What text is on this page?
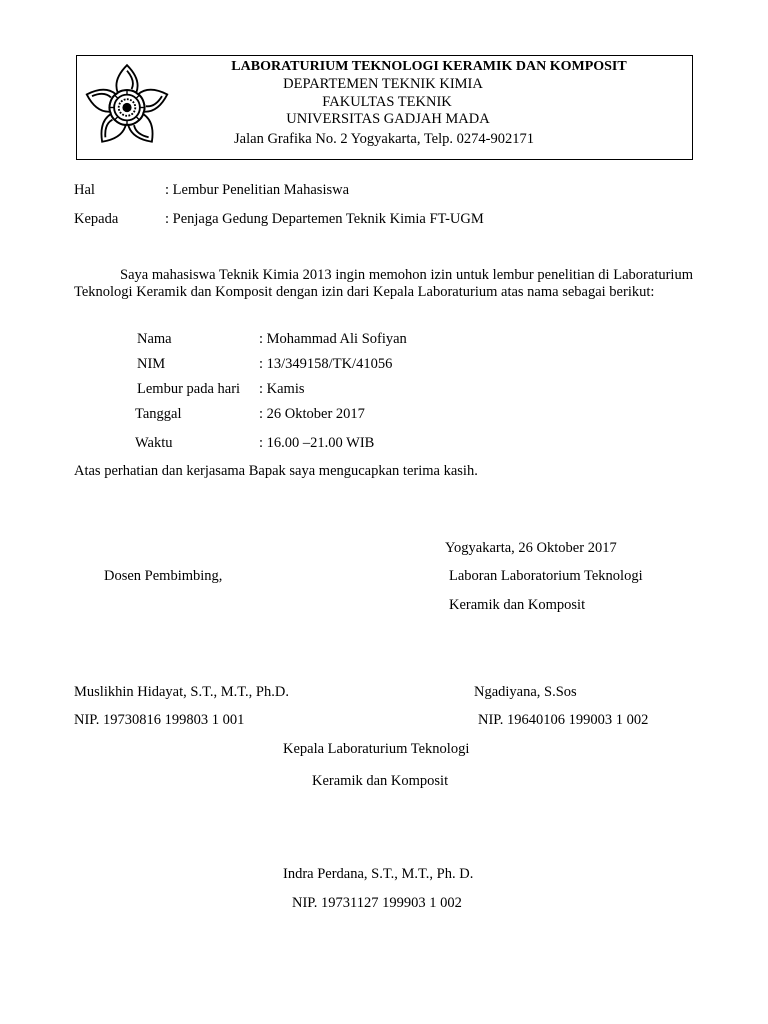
LABORATURIUM TEKNOLOGI KERAMIK DAN KOMPOSIT
DEPARTEMEN TEKNIK KIMIA
FAKULTAS TEKNIK
UNIVERSITAS GADJAH MADA
Jalan Grafika No. 2 Yogyakarta, Telp. 0274-902171
Hal	: Lembur Penelitian Mahasiswa
Kepada	: Penjaga Gedung Departemen Teknik Kimia FT-UGM

Saya mahasiswa Teknik Kimia 2013 ingin memohon izin untuk lembur penelitian di Laboraturium Teknologi Keramik dan Komposit dengan izin dari Kepala Laboraturium atas nama sebagai berikut:

Nama	: Mohammad Ali Sofiyan
NIM	: 13/349158/TK/41056
Lembur pada hari : Kamis
Tanggal	: 26 Oktober 2017
Waktu	: 16.00 –21.00 WIB
Atas perhatian dan kerjasama Bapak saya mengucapkan terima kasih.
Yogyakarta, 26 Oktober 2017
Dosen Pembimbing,	Laboran Laboratorium Teknologi
Keramik dan Komposit
Muslikhin Hidayat, S.T., M.T., Ph.D.	Ngadiyana, S.Sos
NIP. 19730816 199803 1 001	NIP. 19640106 199003 1 002
Kepala Laboraturium Teknologi
Keramik dan Komposit
Indra Perdana, S.T., M.T., Ph. D.
NIP. 19731127 199903 1 002
